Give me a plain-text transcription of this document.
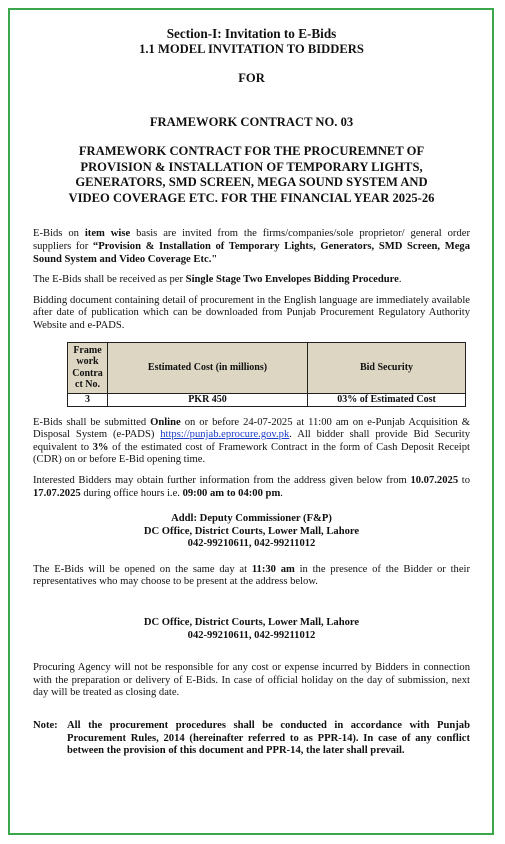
Section-I: Invitation to E-Bids
1.1 MODEL INVITATION TO BIDDERS
FOR
FRAMEWORK CONTRACT NO. 03
FRAMEWORK CONTRACT FOR THE PROCUREMNET OF
PROVISION & INSTALLATION OF TEMPORARY LIGHTS,
GENERATORS, SMD SCREEN, MEGA SOUND SYSTEM AND
VIDEO COVERAGE ETC. FOR THE FINANCIAL YEAR 2025-26

E-Bids on item wise basis are invited from the firms/companies/sole proprietor/ general order suppliers for “Provision & Installation of Temporary Lights, Generators, SMD Screen, Mega Sound System and Video Coverage Etc."

The E-Bids shall be received as per Single Stage Two Envelopes Bidding Procedure.

Bidding document containing detail of procurement in the English language are immediately available after date of publication which can be downloaded from Punjab Procurement Regulatory Authority Website and e-PADS.

Frame work Contra ct No.	Estimated Cost (in millions)	Bid Security
3	PKR 450	03% of Estimated Cost

E-Bids shall be submitted Online on or before 24-07-2025 at 11:00 am on e-Punjab Acquisition & Disposal System (e-PADS) https://punjab.eprocure.gov.pk. All bidder shall provide Bid Security equivalent to 3% of the estimated cost of Framework Contract in the form of Cash Deposit Receipt (CDR) on or before E-Bid opening time.

Interested Bidders may obtain further information from the address given below from 10.07.2025 to 17.07.2025 during office hours i.e. 09:00 am to 04:00 pm.

Addl: Deputy Commissioner (F&P)
DC Office, District Courts, Lower Mall, Lahore
042-99210611, 042-99211012

The E-Bids will be opened on the same day at 11:30 am in the presence of the Bidder or their representatives who may choose to be present at the address below.

DC Office, District Courts, Lower Mall, Lahore
042-99210611, 042-99211012

Procuring Agency will not be responsible for any cost or expense incurred by Bidders in connection with the preparation or delivery of E-Bids. In case of official holiday on the day of submission, next day will be treated as closing date.

Note: All the procurement procedures shall be conducted in accordance with Punjab Procurement Rules, 2014 (hereinafter referred to as PPR-14). In case of any conflict between the provision of this document and PPR-14, the later shall prevail.
